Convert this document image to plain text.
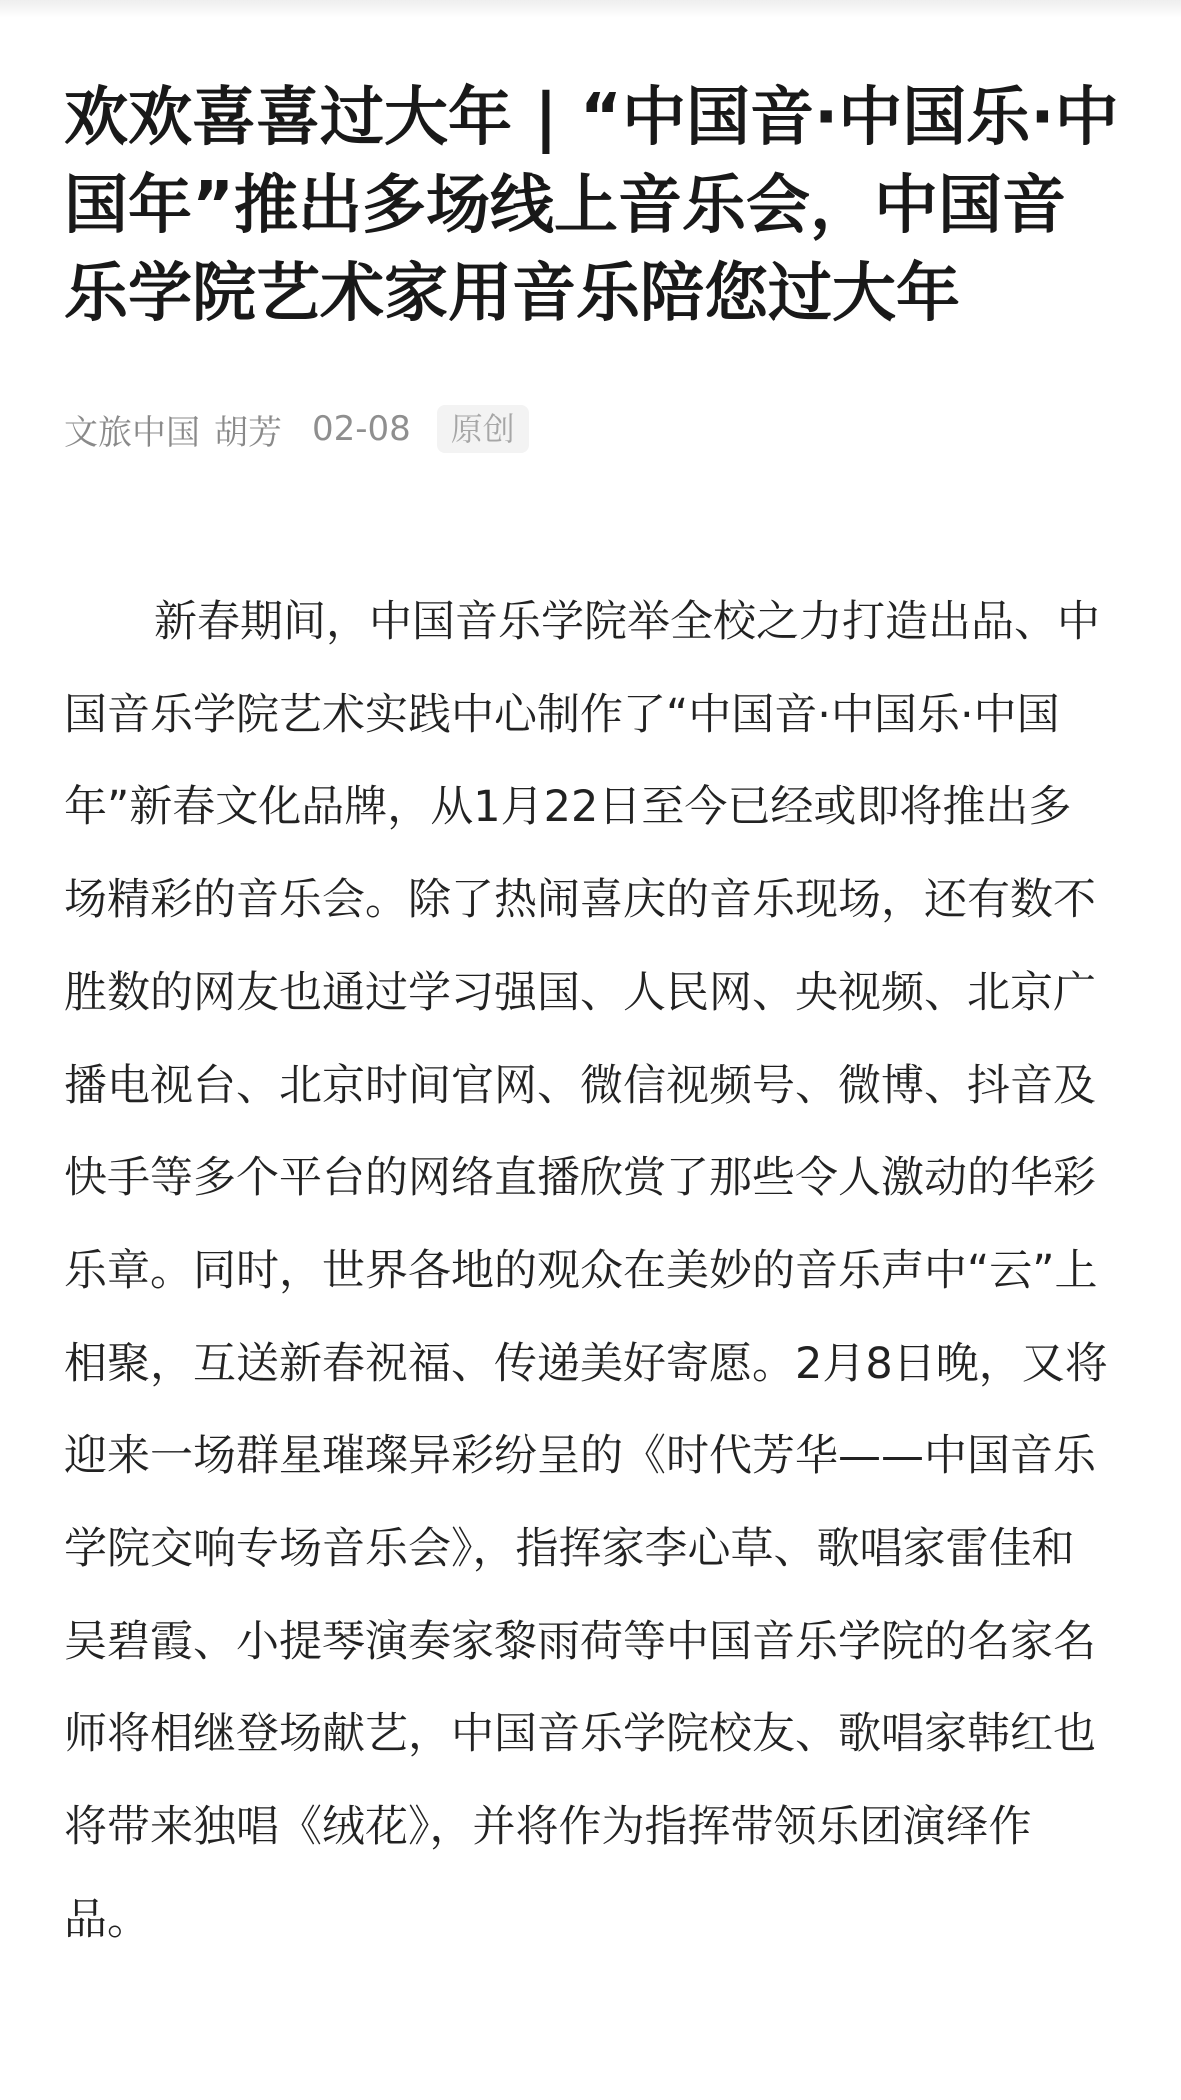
欢欢喜喜过大年 | “中国音·中国乐·中国年”推出多场线上音乐会，中国音乐学院艺术家用音乐陪您过大年
文旅中国 胡芳 02-08	原创

新春期间，中国音乐学院举全校之力打造出品、中国音乐学院艺术实践中心制作了“中国音·中国乐·中国年”新春文化品牌，从1月22日至今已经或即将推出多场精彩的音乐会。除了热闹喜庆的音乐现场，还有数不胜数的网友也通过学习强国、人民网、央视频、北京广播电视台、北京时间官网、微信视频号、微博、抖音及快手等多个平台的网络直播欣赏了那些令人激动的华彩乐章。同时，世界各地的观众在美妙的音乐声中“云”上相聚，互送新春祝福、传递美好寄愿。2月8日晚，又将迎来一场群星璀璨异彩纷呈的《时代芳华——中国音乐学院交响专场音乐会》，指挥家李心草、歌唱家雷佳和吴碧霞、小提琴演奏家黎雨荷等中国音乐学院的名家名师将相继登场献艺，中国音乐学院校友、歌唱家韩红也将带来独唱《绒花》，并将作为指挥带领乐团演绎作品。
